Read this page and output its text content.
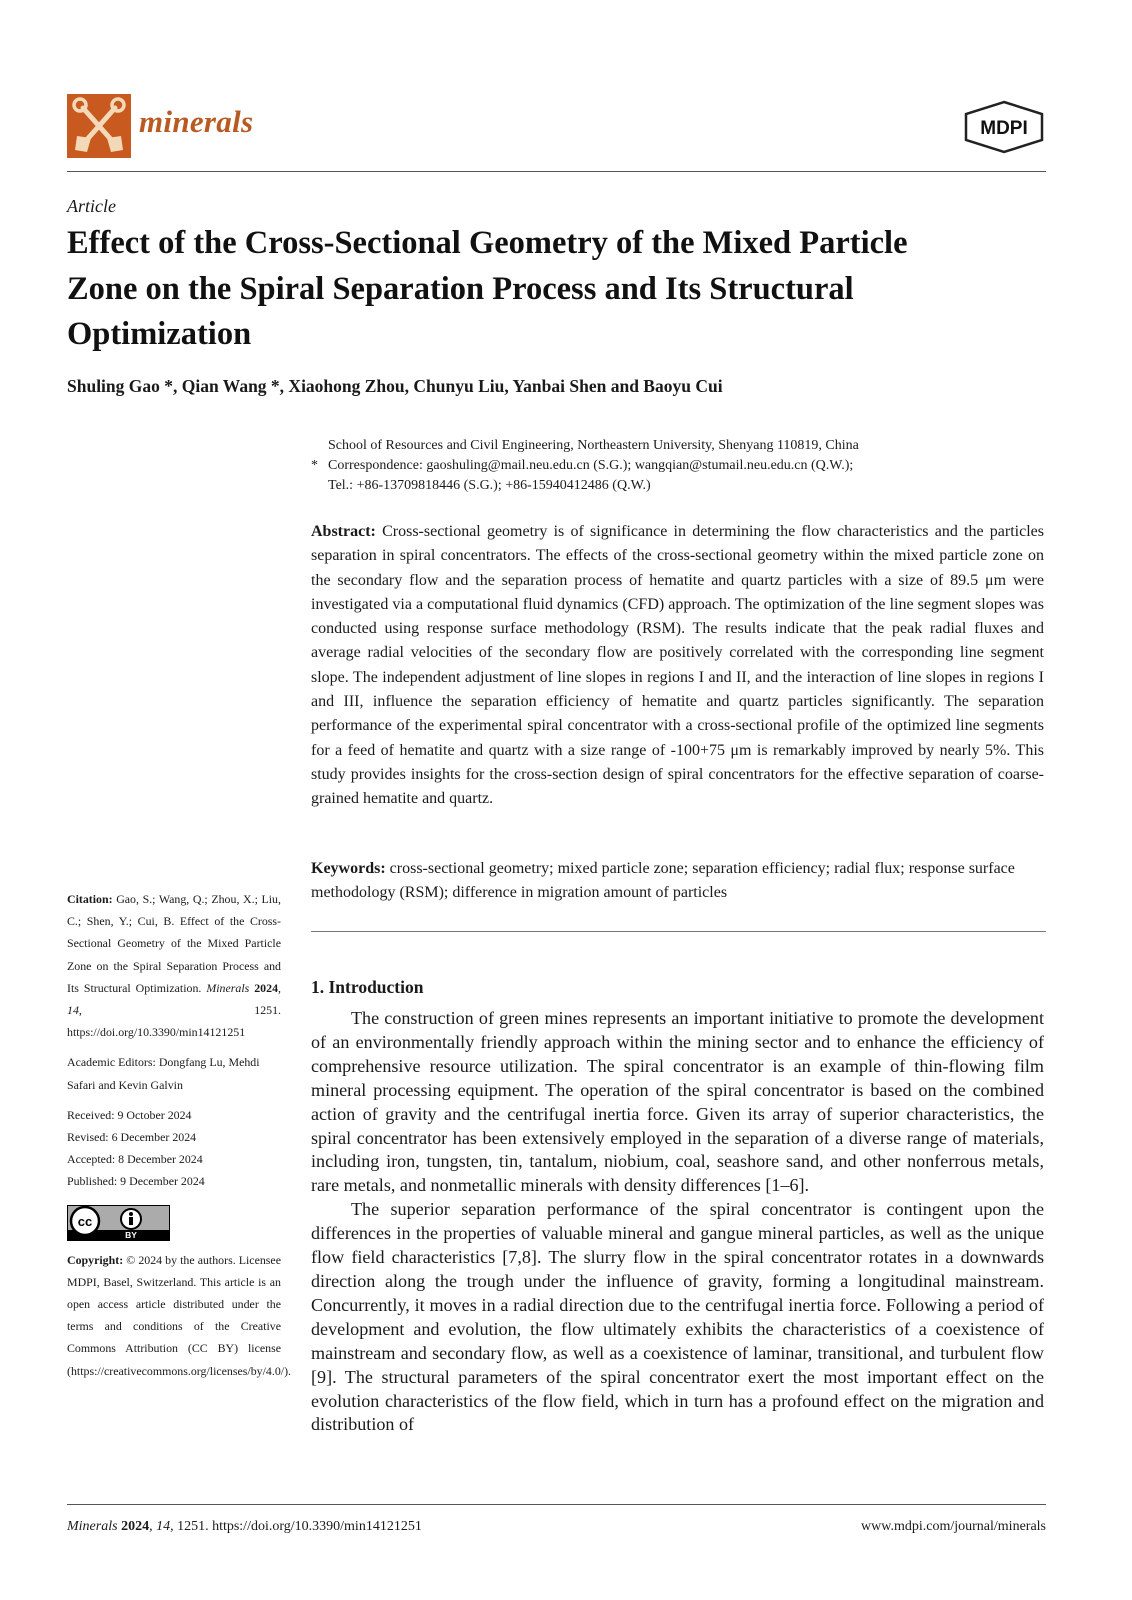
minerals	MDPI
Article
Effect of the Cross-Sectional Geometry of the Mixed Particle Zone on the Spiral Separation Process and Its Structural Optimization
Shuling Gao *, Qian Wang *, Xiaohong Zhou, Chunyu Liu, Yanbai Shen and Baoyu Cui
School of Resources and Civil Engineering, Northeastern University, Shenyang 110819, China
* Correspondence: gaoshuling@mail.neu.edu.cn (S.G.); wangqian@stumail.neu.edu.cn (Q.W.);
Tel.: +86-13709818446 (S.G.); +86-15940412486 (Q.W.)
Abstract: Cross-sectional geometry is of significance in determining the flow characteristics and the particles separation in spiral concentrators. The effects of the cross-sectional geometry within the mixed particle zone on the secondary flow and the separation process of hematite and quartz particles with a size of 89.5 μm were investigated via a computational fluid dynamics (CFD) approach. The optimization of the line segment slopes was conducted using response surface methodology (RSM). The results indicate that the peak radial fluxes and average radial velocities of the secondary flow are positively correlated with the corresponding line segment slope. The independent adjustment of line slopes in regions I and II, and the interaction of line slopes in regions I and III, influence the separation efficiency of hematite and quartz particles significantly. The separation performance of the experimental spiral concentrator with a cross-sectional profile of the optimized line segments for a feed of hematite and quartz with a size range of -100+75 μm is remarkably improved by nearly 5%. This study provides insights for the cross-section design of spiral concentrators for the effective separation of coarse-grained hematite and quartz.
Keywords: cross-sectional geometry; mixed particle zone; separation efficiency; radial flux; response surface methodology (RSM); difference in migration amount of particles
Citation: Gao, S.; Wang, Q.; Zhou, X.; Liu, C.; Shen, Y.; Cui, B. Effect of the Cross-Sectional Geometry of the Mixed Particle Zone on the Spiral Separation Process and Its Structural Optimization. Minerals 2024, 14, 1251. https://doi.org/10.3390/min14121251
Academic Editors: Dongfang Lu, Mehdi Safari and Kevin Galvin
Received: 9 October 2024
Revised: 6 December 2024
Accepted: 8 December 2024
Published: 9 December 2024
cc
BY
Copyright: © 2024 by the authors. Licensee MDPI, Basel, Switzerland. This article is an open access article distributed under the terms and conditions of the Creative Commons Attribution (CC BY) license (https://creativecommons.org/licenses/by/4.0/).
1. Introduction

The construction of green mines represents an important initiative to promote the development of an environmentally friendly approach within the mining sector and to enhance the efficiency of comprehensive resource utilization. The spiral concentrator is an example of thin-flowing film mineral processing equipment. The operation of the spiral concentrator is based on the combined action of gravity and the centrifugal inertia force. Given its array of superior characteristics, the spiral concentrator has been extensively employed in the separation of a diverse range of materials, including iron, tungsten, tin, tantalum, niobium, coal, seashore sand, and other nonferrous metals, rare metals, and nonmetallic minerals with density differences [1–6].

The superior separation performance of the spiral concentrator is contingent upon the differences in the properties of valuable mineral and gangue mineral particles, as well as the unique flow field characteristics [7,8]. The slurry flow in the spiral concentrator rotates in a downwards direction along the trough under the influence of gravity, forming a longitudinal mainstream. Concurrently, it moves in a radial direction due to the centrifugal inertia force. Following a period of development and evolution, the flow ultimately exhibits the characteristics of a coexistence of mainstream and secondary flow, as well as a coexistence of laminar, transitional, and turbulent flow [9]. The structural parameters of the spiral concentrator exert the most important effect on the evolution characteristics of the flow field, which in turn has a profound effect on the migration and distribution of

Minerals 2024, 14, 1251. https://doi.org/10.3390/min14121251	www.mdpi.com/journal/minerals
